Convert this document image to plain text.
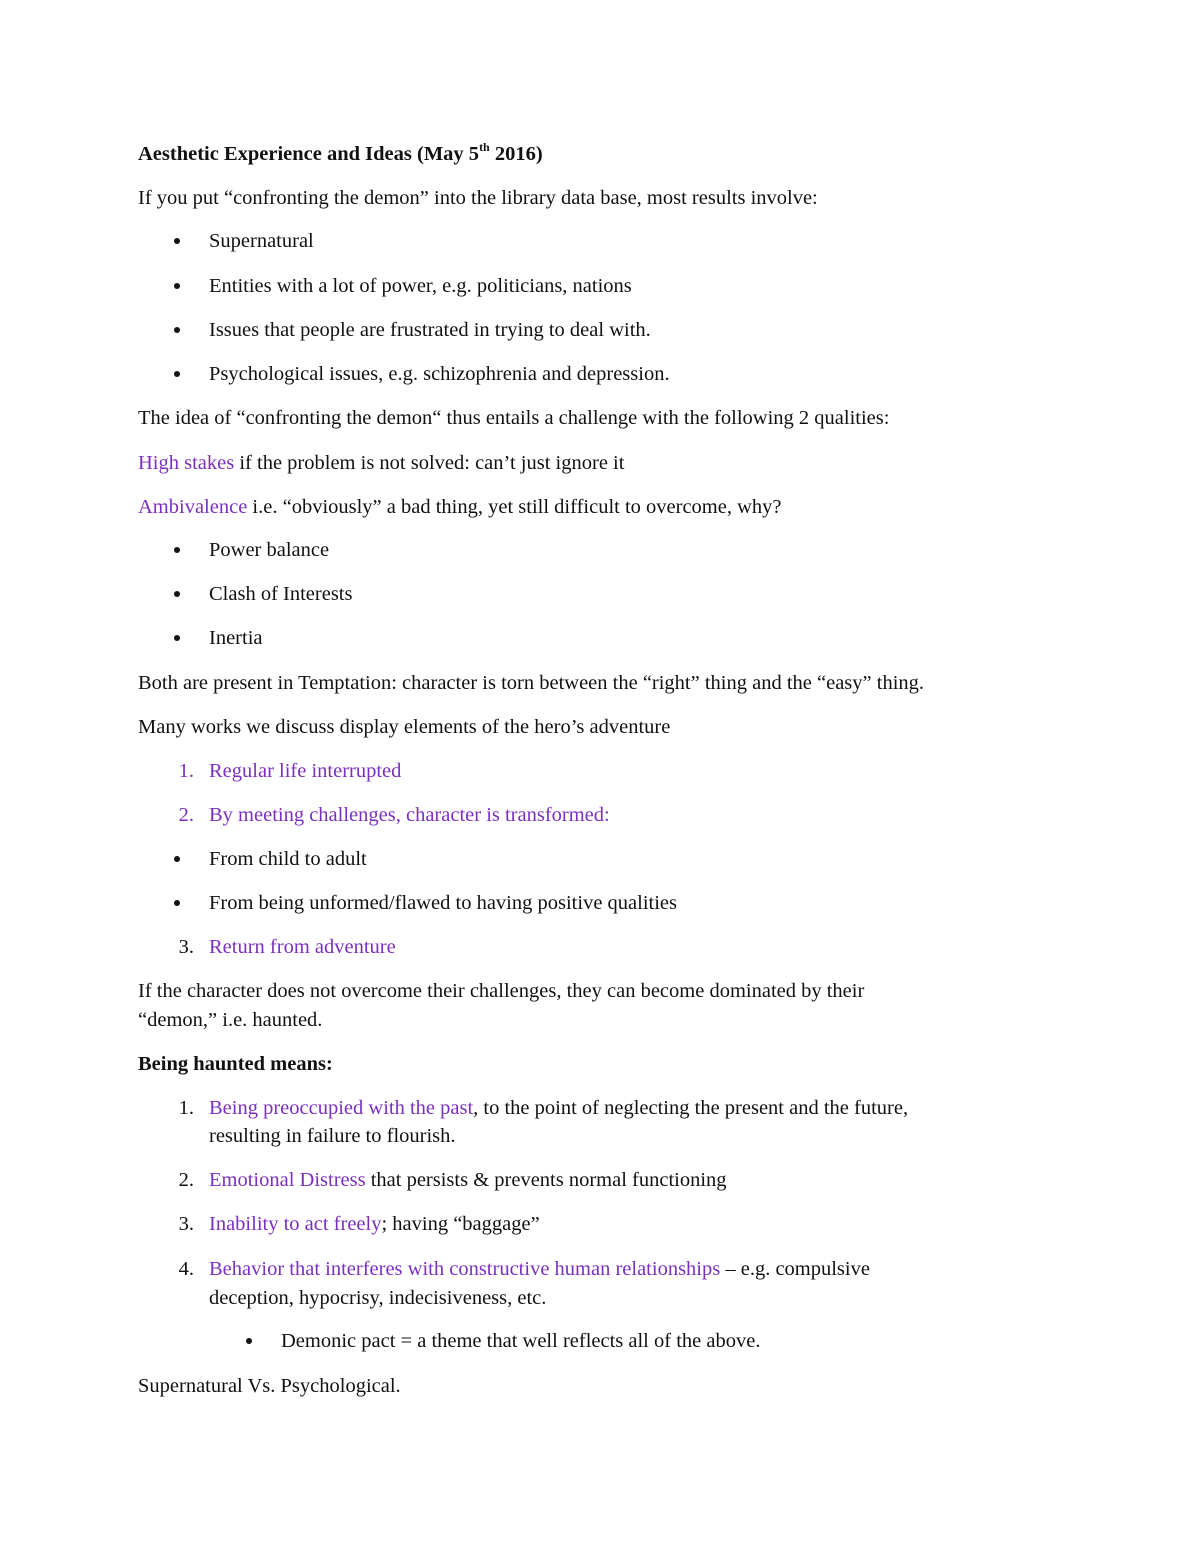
Aesthetic Experience and Ideas (May 5th 2016)
If you put “confronting the demon” into the library data base, most results involve:
Supernatural
Entities with a lot of power, e.g. politicians, nations
Issues that people are frustrated in trying to deal with.
Psychological issues, e.g. schizophrenia and depression.
The idea of “confronting the demon“ thus entails a challenge with the following 2 qualities:
High stakes if the problem is not solved: can’t just ignore it
Ambivalence i.e. “obviously” a bad thing, yet still difficult to overcome, why?
Power balance
Clash of Interests
Inertia
Both are present in Temptation: character is torn between the “right” thing and the “easy” thing.
Many works we discuss display elements of the hero’s adventure
1. Regular life interrupted
2. By meeting challenges, character is transformed:
From child to adult
From being unformed/flawed to having positive qualities
3. Return from adventure
If the character does not overcome their challenges, they can become dominated by their
“demon,” i.e. haunted.
Being haunted means:
1. Being preoccupied with the past, to the point of neglecting the present and the future,
resulting in failure to flourish.
2. Emotional Distress that persists & prevents normal functioning
3. Inability to act freely; having “baggage”
4. Behavior that interferes with constructive human relationships – e.g. compulsive
deception, hypocrisy, indecisiveness, etc.
Demonic pact = a theme that well reflects all of the above.
Supernatural Vs. Psychological.
